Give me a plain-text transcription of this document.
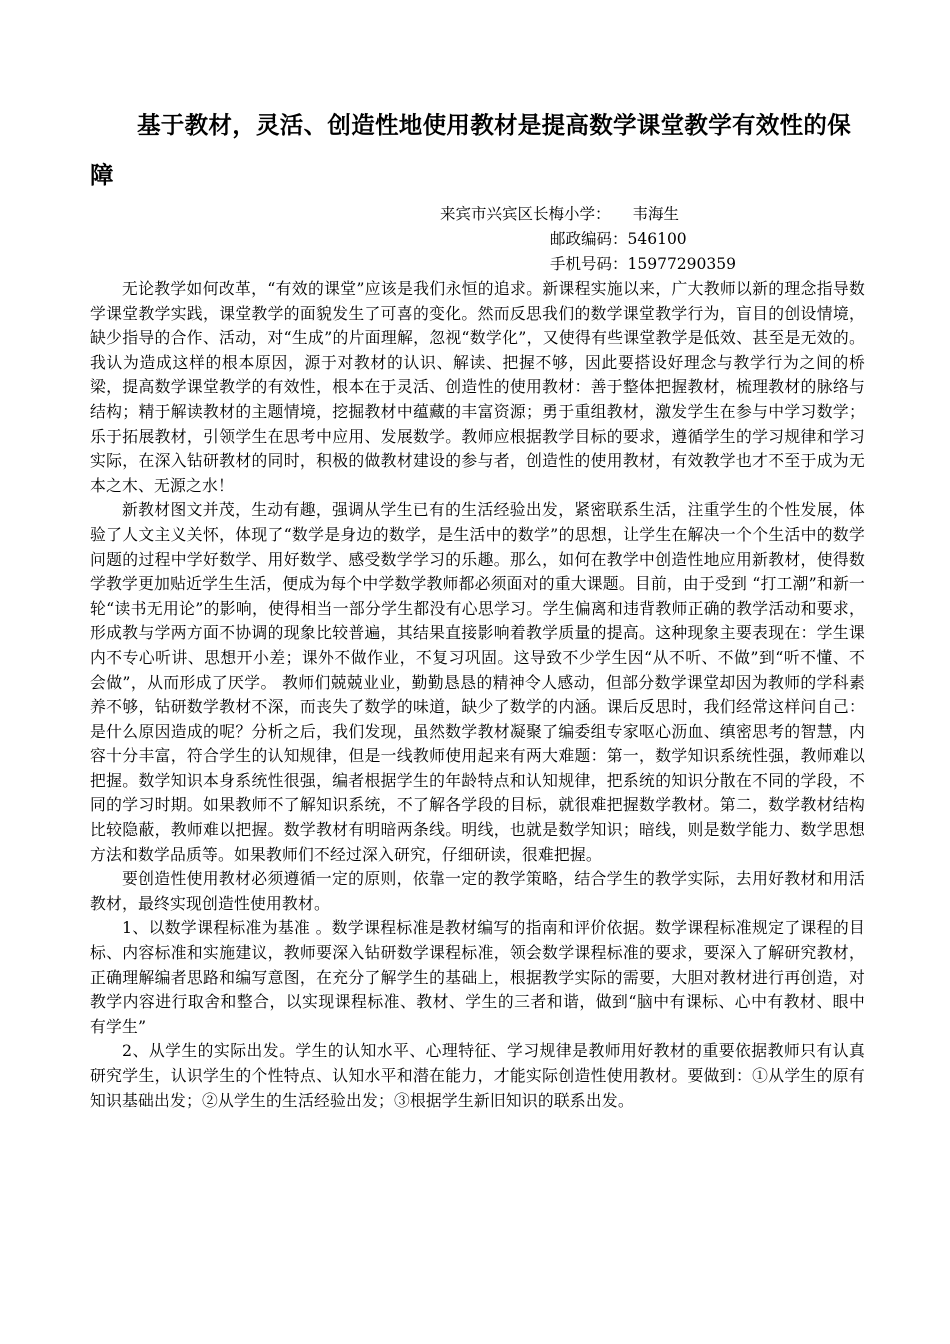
基于教材，灵活、创造性地使用教材是提高数学课堂教学有效性的保障
来宾市兴宾区长梅小学： 韦海生
邮政编码：546100
手机号码：15977290359

无论教学如何改革，“有效的课堂”应该是我们永恒的追求。新课程实施以来，广大教师以新的理念指导数学课堂教学实践，课堂教学的面貌发生了可喜的变化。然而反思我们的数学课堂教学行为，盲目的创设情境，缺少指导的合作、活动，对“生成”的片面理解，忽视“数学化”，又使得有些课堂教学是低效、甚至是无效的。我认为造成这样的根本原因，源于对教材的认识、解读、把握不够，因此要搭设好理念与教学行为之间的桥梁，提高数学课堂教学的有效性，根本在于灵活、创造性的使用教材：善于整体把握教材，梳理教材的脉络与结构；精于解读教材的主题情境，挖掘教材中蕴藏的丰富资源；勇于重组教材，激发学生在参与中学习数学；乐于拓展教材，引领学生在思考中应用、发展数学。教师应根据教学目标的要求，遵循学生的学习规律和学习实际，在深入钻研教材的同时，积极的做教材建设的参与者，创造性的使用教材，有效教学也才不至于成为无本之木、无源之水！

新教材图文并茂，生动有趣，强调从学生已有的生活经验出发，紧密联系生活，注重学生的个性发展，体验了人文主义关怀，体现了“数学是身边的数学，是生活中的数学”的思想，让学生在解决一个个生活中的数学问题的过程中学好数学、用好数学、感受数学学习的乐趣。那么，如何在教学中创造性地应用新教材，使得数学教学更加贴近学生生活，便成为每个中学数学教师都必须面对的重大课题。目前，由于受到 “打工潮”和新一轮“读书无用论”的影响，使得相当一部分学生都没有心思学习。学生偏离和违背教师正确的教学活动和要求，形成教与学两方面不协调的现象比较普遍，其结果直接影响着教学质量的提高。这种现象主要表现在：学生课内不专心听讲、思想开小差；课外不做作业，不复习巩固。这导致不少学生因“从不听、不做”到“听不懂、不会做”，从而形成了厌学。 教师们兢兢业业，勤勤恳恳的精神令人感动，但部分数学课堂却因为教师的学科素养不够，钻研数学教材不深，而丧失了数学的味道，缺少了数学的内涵。课后反思时，我们经常这样问自己：是什么原因造成的呢？分析之后，我们发现，虽然数学教材凝聚了编委组专家呕心沥血、缜密思考的智慧，内容十分丰富，符合学生的认知规律，但是一线教师使用起来有两大难题：第一，数学知识系统性强，教师难以把握。数学知识本身系统性很强，编者根据学生的年龄特点和认知规律，把系统的知识分散在不同的学段，不同的学习时期。如果教师不了解知识系统，不了解各学段的目标，就很难把握数学教材。第二，数学教材结构比较隐蔽，教师难以把握。数学教材有明暗两条线。明线，也就是数学知识；暗线，则是数学能力、数学思想方法和数学品质等。如果教师们不经过深入研究，仔细研读，很难把握。

要创造性使用教材必须遵循一定的原则，依靠一定的教学策略，结合学生的教学实际，去用好教材和用活教材，最终实现创造性使用教材。

1、以数学课程标准为基准 。数学课程标准是教材编写的指南和评价依据。数学课程标准规定了课程的目标、内容标准和实施建议，教师要深入钻研数学课程标准，领会数学课程标准的要求，要深入了解研究教材，正确理解编者思路和编写意图，在充分了解学生的基础上，根据教学实际的需要，大胆对教材进行再创造，对教学内容进行取舍和整合，以实现课程标准、教材、学生的三者和谐，做到“脑中有课标、心中有教材、眼中有学生”

2、从学生的实际出发。学生的认知水平、心理特征、学习规律是教师用好教材的重要依据教师只有认真研究学生，认识学生的个性特点、认知水平和潜在能力，才能实际创造性使用教材。要做到：①从学生的原有知识基础出发；②从学生的生活经验出发；③根据学生新旧知识的联系出发。
